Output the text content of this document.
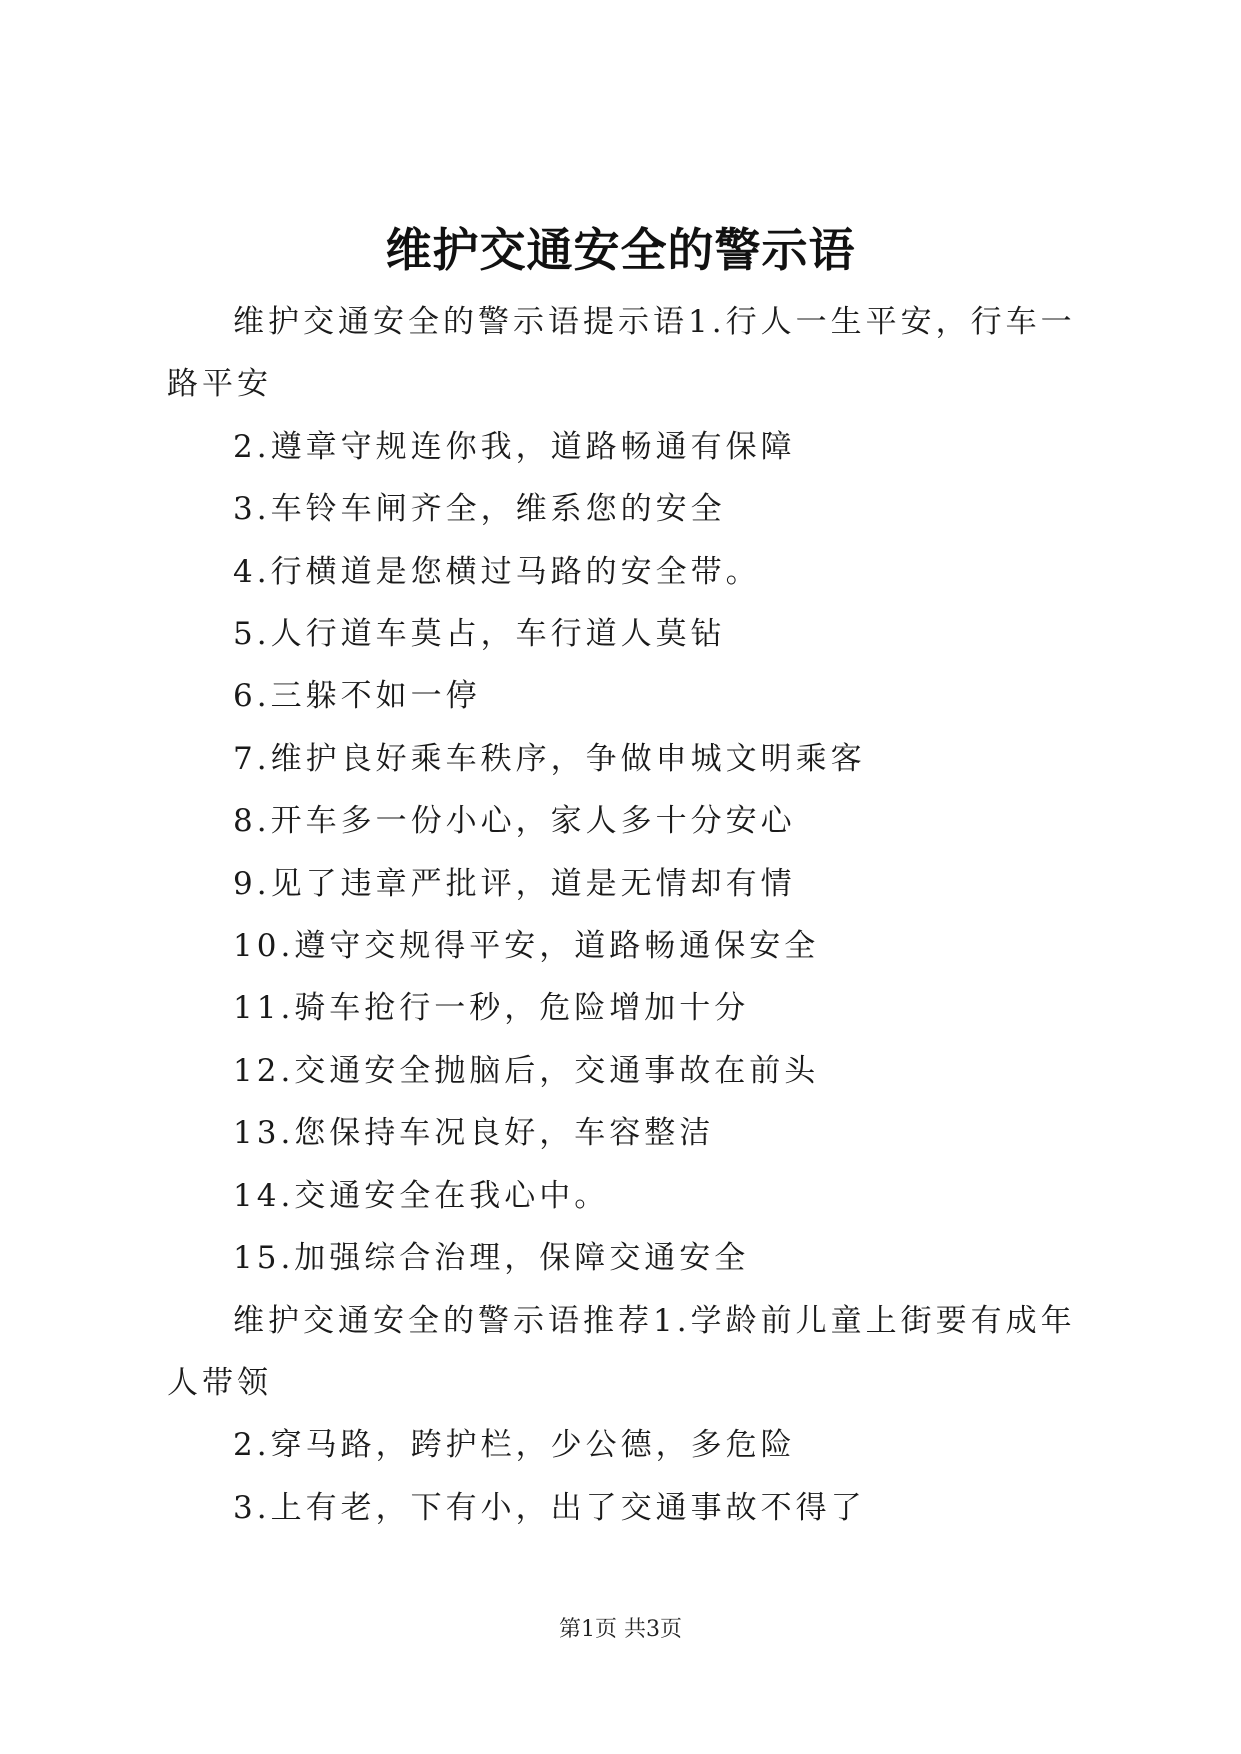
维护交通安全的警示语

维护交通安全的警示语提示语1.行人一生平安，行车一路平安

2.遵章守规连你我，道路畅通有保障

3.车铃车闸齐全，维系您的安全

4.行横道是您横过马路的安全带。

5.人行道车莫占，车行道人莫钻

6.三躲不如一停

7.维护良好乘车秩序，争做申城文明乘客

8.开车多一份小心，家人多十分安心

9.见了违章严批评，道是无情却有情

10.遵守交规得平安，道路畅通保安全

11.骑车抢行一秒，危险增加十分

12.交通安全抛脑后，交通事故在前头

13.您保持车况良好，车容整洁

14.交通安全在我心中。

15.加强综合治理，保障交通安全

维护交通安全的警示语推荐1.学龄前儿童上街要有成年人带领

2.穿马路，跨护栏，少公德，多危险

3.上有老，下有小，出了交通事故不得了

第1页 共3页
